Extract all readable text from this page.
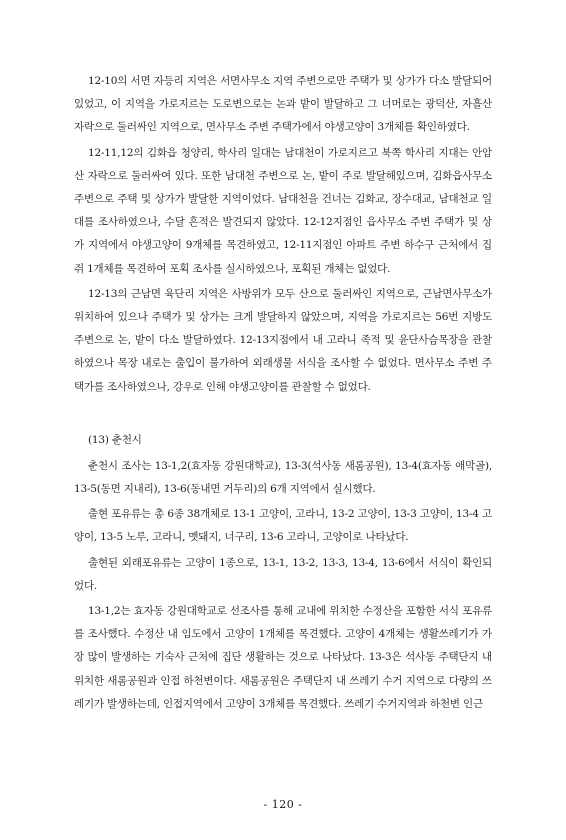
12-10의 서면 자등리 지역은 서면사무소 지역 주변으로만 주택가 및 상가가 다소 발달되어 있었고, 이 지역을 가로지르는 도로변으로는 논과 밭이 발달하고 그 너머로는 광덕산, 자흘산 자락으로 둘러싸인 지역으로, 면사무소 주변 주택가에서 야생고양이 3개체를 확인하였다.

12-11,12의 김화읍 청양리, 학사리 일대는 남대천이 가로지르고 북쪽 학사리 지대는 안암산 자락으로 둘러싸여 있다. 또한 남대천 주변으로 논, 밭이 주로 발달해있으며, 김화읍사무소 주변으로 주택 및 상가가 발달한 지역이었다. 남대천을 건너는 김화교, 장수대교, 남대천교 일대를 조사하였으나, 수달 흔적은 발견되지 않았다. 12-12지점인 읍사무소 주변 주택가 및 상가 지역에서 야생고양이 9개체를 목견하였고, 12-11지점인 아파트 주변 하수구 근처에서 집쥐 1개체를 목견하여 포획 조사를 실시하였으나, 포획된 개체는 없었다.

12-13의 근남면 육단리 지역은 사방위가 모두 산으로 둘러싸인 지역으로, 근남면사무소가 위치하여 있으나 주택가 및 상가는 크게 발달하지 않았으며, 지역을 가로지르는 56번 지방도 주변으로 논, 밭이 다소 발달하였다. 12-13지점에서 내 고라니 족적 및 윤단사슴목장을 관찰하였으나 목장 내로는 출입이 불가하여 외래생물 서식을 조사할 수 없었다. 면사무소 주변 주택가를 조사하였으나, 강우로 인해 야생고양이를 관찰할 수 없었다.

(13) 춘천시

춘천시 조사는 13-1,2(효자동 강원대학교), 13-3(석사동 새롬공원), 13-4(효자동 애막골), 13-5(동면 지내리), 13-6(동내면 거두리)의 6개 지역에서 실시했다.

출현 포유류는 총 6종 38개체로 13-1 고양이, 고라니, 13-2 고양이, 13-3 고양이, 13-4 고양이, 13-5 노루, 고라니, 멧돼지, 너구리, 13-6 고라니, 고양이로 나타났다.

출현된 외래포유류는 고양이 1종으로, 13-1, 13-2, 13-3, 13-4, 13-6에서 서식이 확인되었다.

13-1,2는 효자동 강원대학교로 선조사를 통해 교내에 위치한 수정산을 포함한 서식 포유류를 조사했다. 수정산 내 임도에서 고양이 1개체를 목견했다. 고양이 4개체는 생활쓰레기가 가장 많이 발생하는 기숙사 근처에 집단 생활하는 것으로 나타났다. 13-3은 석사동 주택단지 내 위치한 새롬공원과 인접 하천변이다. 새롬공원은 주택단지 내 쓰레기 수거 지역으로 다량의 쓰레기가 발생하는데, 인접지역에서 고양이 3개체를 목견했다. 쓰레기 수거지역과 하천변 인근

- 120 -
